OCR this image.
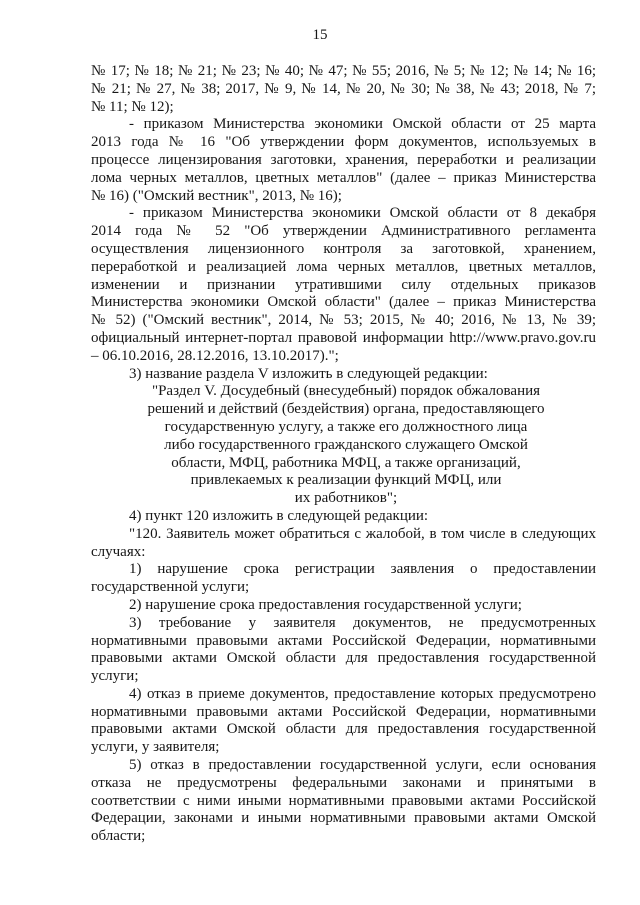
15
№ 17; № 18; № 21; № 23; № 40; № 47; № 55; 2016, № 5; № 12; № 14; № 16;
№ 21; № 27, № 38; 2017, № 9, № 14, № 20, № 30; № 38, № 43; 2018, № 7;
№ 11; № 12);
- приказом Министерства экономики Омской области от 25 марта
2013 года № 16 "Об утверждении форм документов, используемых в
процессе лицензирования заготовки, хранения, переработки и реализации
лома черных металлов, цветных металлов" (далее – приказ Министерства
№ 16) ("Омский вестник", 2013, № 16);
- приказом Министерства экономики Омской области от 8 декабря
2014 года № 52 "Об утверждении Административного регламента
осуществления лицензионного контроля за заготовкой, хранением,
переработкой и реализацией лома черных металлов, цветных металлов,
изменении и признании утратившими силу отдельных приказов
Министерства экономики Омской области" (далее – приказ Министерства
№ 52) ("Омский вестник", 2014, № 53; 2015, № 40; 2016, № 13, № 39;
официальный интернет-портал правовой информации http://www.pravo.gov.ru
– 06.10.2016, 28.12.2016, 13.10.2017).";
3) название раздела V изложить в следующей редакции:
"Раздел V. Досудебный (внесудебный) порядок обжалования
решений и действий (бездействия) органа, предоставляющего
государственную услугу, а также его должностного лица
либо государственного гражданского служащего Омской
области, МФЦ, работника МФЦ, а также организаций,
привлекаемых к реализации функций МФЦ, или
их работников";
4) пункт 120 изложить в следующей редакции:
"120. Заявитель может обратиться с жалобой, в том числе в следующих
случаях:
1) нарушение срока регистрации заявления о предоставлении
государственной услуги;
2) нарушение срока предоставления государственной услуги;
3) требование у заявителя документов, не предусмотренных
нормативными правовыми актами Российской Федерации, нормативными
правовыми актами Омской области для предоставления государственной
услуги;
4) отказ в приеме документов, предоставление которых предусмотрено
нормативными правовыми актами Российской Федерации, нормативными
правовыми актами Омской области для предоставления государственной
услуги, у заявителя;
5) отказ в предоставлении государственной услуги, если основания
отказа не предусмотрены федеральными законами и принятыми в
соответствии с ними иными нормативными правовыми актами Российской
Федерации, законами и иными нормативными правовыми актами Омской
области;
